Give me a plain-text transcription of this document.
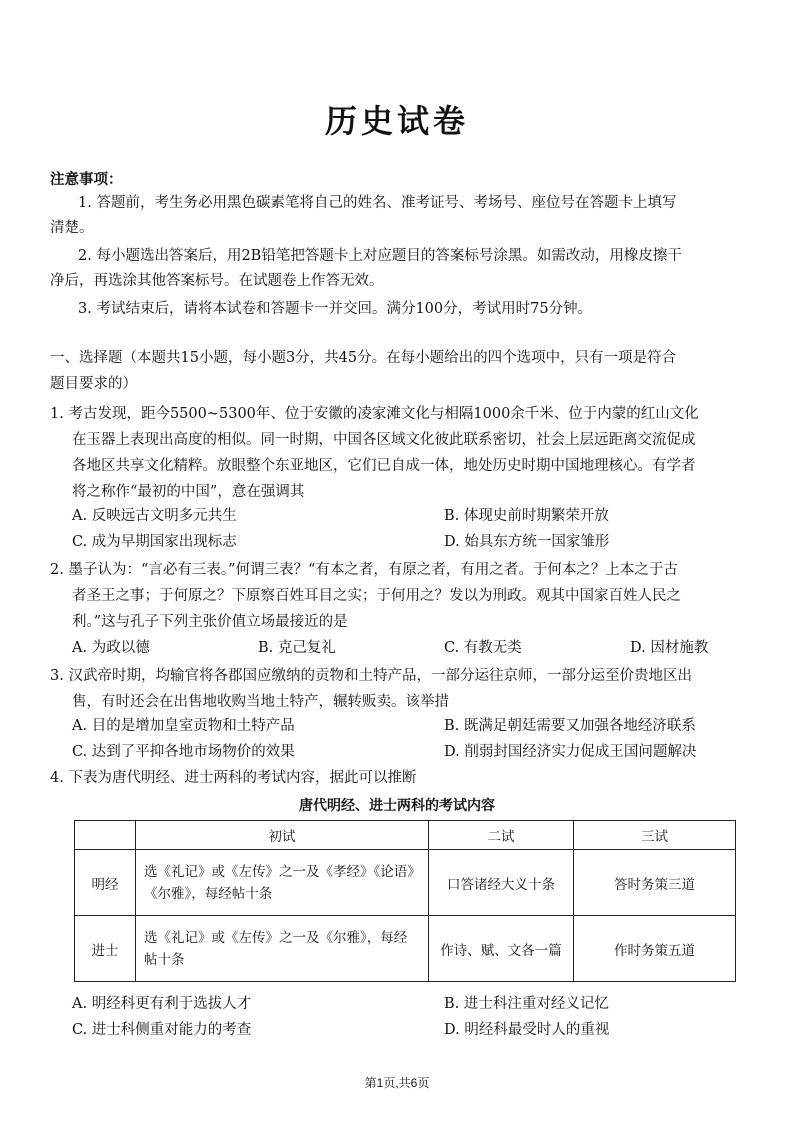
历史试卷
注意事项：
1. 答题前，考生务必用黑色碳素笔将自己的姓名、准考证号、考场号、座位号在答题卡上填写
清楚。
2. 每小题选出答案后，用2B铅笔把答题卡上对应题目的答案标号涂黑。如需改动，用橡皮擦干
净后，再选涂其他答案标号。在试题卷上作答无效。
3. 考试结束后，请将本试卷和答题卡一并交回。满分100分，考试用时75分钟。
一、选择题（本题共15小题，每小题3分，共45分。在每小题给出的四个选项中，只有一项是符合
题目要求的）
1. 考古发现，距今5500~5300年、位于安徽的凌家滩文化与相隔1000余千米、位于内蒙的红山文化
在玉器上表现出高度的相似。同一时期，中国各区域文化彼此联系密切，社会上层远距离交流促成
各地区共享文化精粹。放眼整个东亚地区，它们已自成一体，地处历史时期中国地理核心。有学者
将之称作“最初的中国”，意在强调其
A. 反映远古文明多元共生	B. 体现史前时期繁荣开放
C. 成为早期国家出现标志	D. 始具东方统一国家雏形
2. 墨子认为：“言必有三表。”何谓三表？“有本之者，有原之者，有用之者。于何本之？上本之于古
者圣王之事；于何原之？下原察百姓耳目之实；于何用之？发以为刑政。观其中国家百姓人民之
利。”这与孔子下列主张价值立场最接近的是
A. 为政以德	B. 克己复礼	C. 有教无类	D. 因材施教
3. 汉武帝时期，均输官将各郡国应缴纳的贡物和土特产品，一部分运往京师，一部分运至价贵地区出
售，有时还会在出售地收购当地土特产，辗转贩卖。该举措
A. 目的是增加皇室贡物和土特产品	B. 既满足朝廷需要又加强各地经济联系
C. 达到了平抑各地市场物价的效果	D. 削弱封国经济实力促成王国问题解决
4. 下表为唐代明经、进士两科的考试内容，据此可以推断
唐代明经、进士两科的考试内容
	初试	二试	三试
明经	选《礼记》或《左传》之一及《孝经》《论语》《尔雅》，每经帖十条	口答诸经大义十条	答时务策三道
进士	选《礼记》或《左传》之一及《尔雅》，每经帖十条	作诗、赋、文各一篇	作时务策五道
A. 明经科更有利于选拔人才	B. 进士科注重对经义记忆
C. 进士科侧重对能力的考查	D. 明经科最受时人的重视
第1页,共6页
